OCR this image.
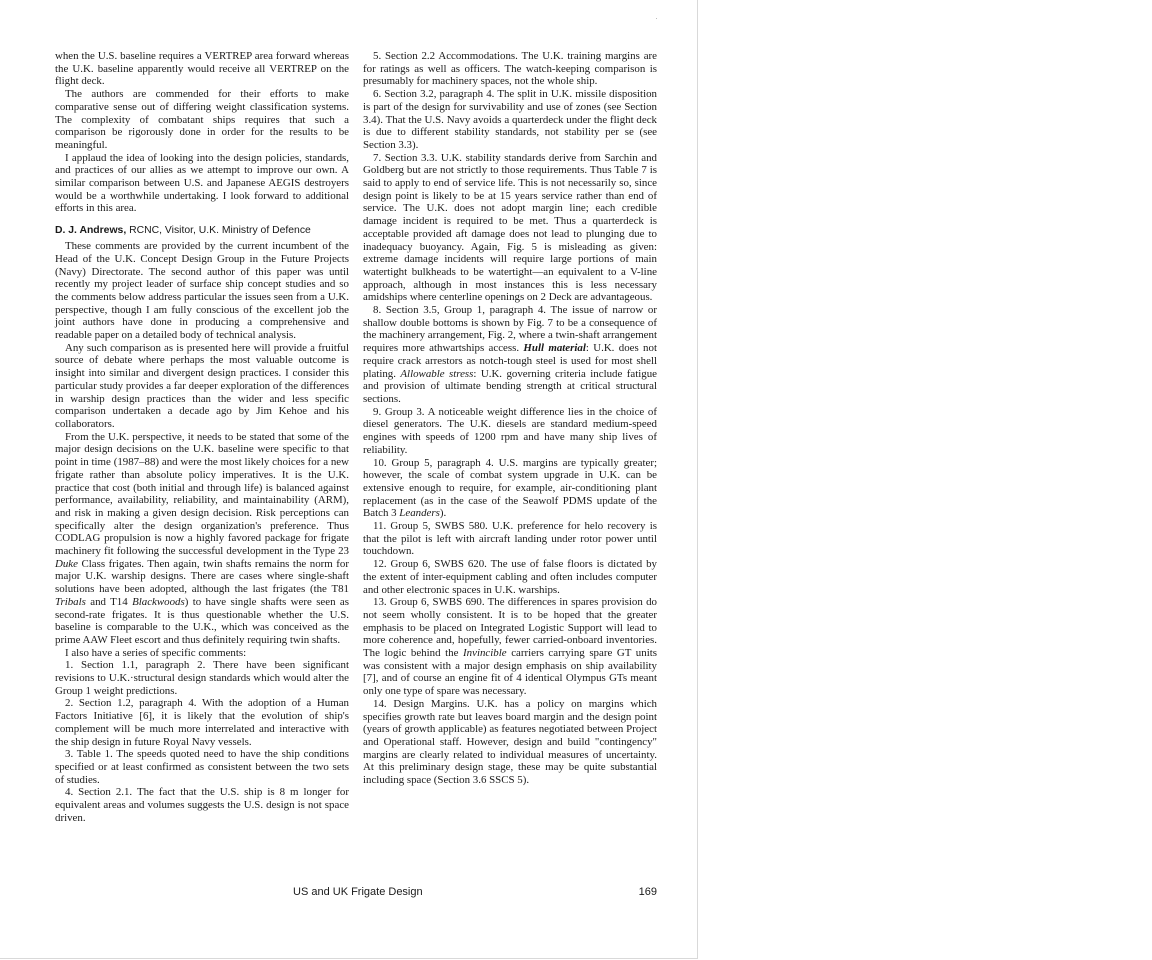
when the U.S. baseline requires a VERTREP area forward whereas the U.K. baseline apparently would receive all VERTREP on the flight deck.

The authors are commended for their efforts to make comparative sense out of differing weight classification systems. The complexity of combatant ships requires that such a comparison be rigorously done in order for the results to be meaningful.

I applaud the idea of looking into the design policies, standards, and practices of our allies as we attempt to improve our own. A similar comparison between U.S. and Japanese AEGIS destroyers would be a worthwhile undertaking. I look forward to additional efforts in this area.

D. J. Andrews, RCNC, Visitor, U.K. Ministry of Defence

These comments are provided by the current incumbent of the Head of the U.K. Concept Design Group in the Future Projects (Navy) Directorate. The second author of this paper was until recently my project leader of surface ship concept studies and so the comments below address particular the issues seen from a U.K. perspective, though I am fully conscious of the excellent job the joint authors have done in producing a comprehensive and readable paper on a detailed body of technical analysis.

Any such comparison as is presented here will provide a fruitful source of debate where perhaps the most valuable outcome is insight into similar and divergent design practices. I consider this particular study provides a far deeper exploration of the differences in warship design practices than the wider and less specific comparison undertaken a decade ago by Jim Kehoe and his collaborators.

From the U.K. perspective, it needs to be stated that some of the major design decisions on the U.K. baseline were specific to that point in time (1987–88) and were the most likely choices for a new frigate rather than absolute policy imperatives. It is the U.K. practice that cost (both initial and through life) is balanced against performance, availability, reliability, and maintainability (ARM), and risk in making a given design decision. Risk perceptions can specifically alter the design organization's preference. Thus CODLAG propulsion is now a highly favored package for frigate machinery fit following the successful development in the Type 23 Duke Class frigates. Then again, twin shafts remains the norm for major U.K. warship designs. There are cases where single-shaft solutions have been adopted, although the last frigates (the T81 Tribals and T14 Blackwoods) to have single shafts were seen as second-rate frigates. It is thus questionable whether the U.S. baseline is comparable to the U.K., which was conceived as the prime AAW Fleet escort and thus definitely requiring twin shafts.

I also have a series of specific comments:

1. Section 1.1, paragraph 2. There have been significant revisions to U.K.·structural design standards which would alter the Group 1 weight predictions.

2. Section 1.2, paragraph 4. With the adoption of a Human Factors Initiative [6], it is likely that the evolution of ship's complement will be much more interrelated and interactive with the ship design in future Royal Navy vessels.

3. Table 1. The speeds quoted need to have the ship conditions specified or at least confirmed as consistent between the two sets of studies.

4. Section 2.1. The fact that the U.S. ship is 8 m longer for equivalent areas and volumes suggests the U.S. design is not space driven.

5. Section 2.2 Accommodations. The U.K. training margins are for ratings as well as officers. The watch-keeping comparison is presumably for machinery spaces, not the whole ship.

6. Section 3.2, paragraph 4. The split in U.K. missile disposition is part of the design for survivability and use of zones (see Section 3.4). That the U.S. Navy avoids a quarterdeck under the flight deck is due to different stability standards, not stability per se (see Section 3.3).

7. Section 3.3. U.K. stability standards derive from Sarchin and Goldberg but are not strictly to those requirements. Thus Table 7 is said to apply to end of service life. This is not necessarily so, since design point is likely to be at 15 years service rather than end of service. The U.K. does not adopt margin line; each credible damage incident is required to be met. Thus a quarterdeck is acceptable provided aft damage does not lead to plunging due to inadequacy buoyancy. Again, Fig. 5 is misleading as given: extreme damage incidents will require large portions of main watertight bulkheads to be watertight—an equivalent to a V-line approach, although in most instances this is less necessary amidships where centerline openings on 2 Deck are advantageous.

8. Section 3.5, Group 1, paragraph 4. The issue of narrow or shallow double bottoms is shown by Fig. 7 to be a consequence of the machinery arrangement, Fig. 2, where a twin-shaft arrangement requires more athwartships access. Hull material: U.K. does not require crack arrestors as notch-tough steel is used for most shell plating. Allowable stress: U.K. governing criteria include fatigue and provision of ultimate bending strength at critical structural sections.

9. Group 3. A noticeable weight difference lies in the choice of diesel generators. The U.K. diesels are standard medium-speed engines with speeds of 1200 rpm and have many ship lives of reliability.

10. Group 5, paragraph 4. U.S. margins are typically greater; however, the scale of combat system upgrade in U.K. can be extensive enough to require, for example, air-conditioning plant replacement (as in the case of the Seawolf PDMS update of the Batch 3 Leanders).

11. Group 5, SWBS 580. U.K. preference for helo recovery is that the pilot is left with aircraft landing under rotor power until touchdown.

12. Group 6, SWBS 620. The use of false floors is dictated by the extent of inter-equipment cabling and often includes computer and other electronic spaces in U.K. warships.

13. Group 6, SWBS 690. The differences in spares provision do not seem wholly consistent. It is to be hoped that the greater emphasis to be placed on Integrated Logistic Support will lead to more coherence and, hopefully, fewer carried-onboard inventories. The logic behind the Invincible carriers carrying spare GT units was consistent with a major design emphasis on ship availability [7], and of course an engine fit of 4 identical Olympus GTs meant only one type of spare was necessary.

14. Design Margins. U.K. has a policy on margins which specifies growth rate but leaves board margin and the design point (years of growth applicable) as features negotiated between Project and Operational staff. However, design and build "contingency" margins are clearly related to individual measures of uncertainty. At this preliminary design stage, these may be quite substantial including space (Section 3.6 SSCS 5).

US and UK Frigate Design	169
